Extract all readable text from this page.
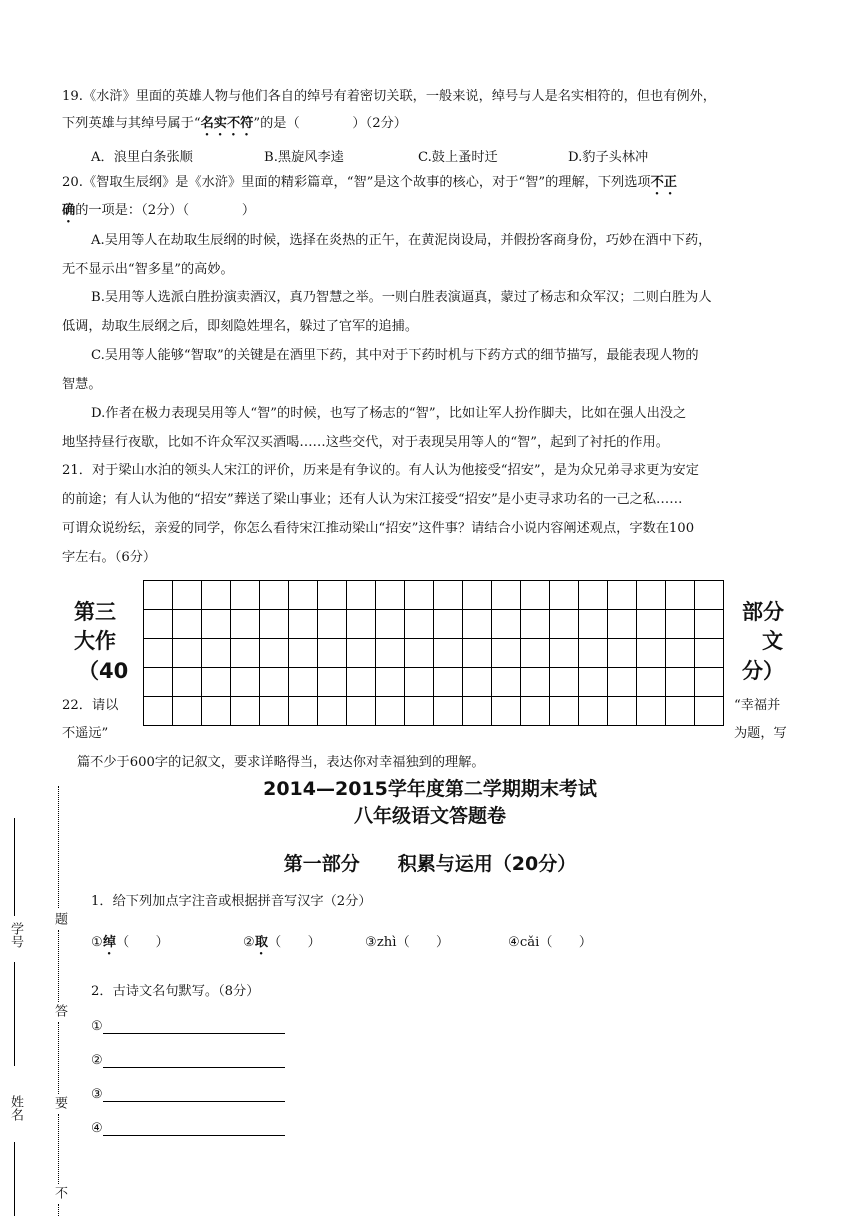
19.《水浒》里面的英雄人物与他们各自的绰号有着密切关联，一般来说，绰号与人是名实相符的，但也有例外，
下列英雄与其绰号属于“名实不符”的是（　　　　）（2分）
A．浪里白条张顺	B.黑旋风李逵	C.鼓上蚤时迁	D.豹子头林冲
20.《智取生辰纲》是《水浒》里面的精彩篇章，“智”是这个故事的核心，对于“智”的理解，下列选项不正
确的一项是：（2分）（　　　　）
A.吴用等人在劫取生辰纲的时候，选择在炎热的正午，在黄泥岗设局，并假扮客商身份，巧妙在酒中下药，
无不显示出“智多星”的高妙。
B.吴用等人选派白胜扮演卖酒汉，真乃智慧之举。一则白胜表演逼真，蒙过了杨志和众军汉；二则白胜为人
低调，劫取生辰纲之后，即刻隐姓埋名，躲过了官军的追捕。
C.吴用等人能够“智取”的关键是在酒里下药，其中对于下药时机与下药方式的细节描写，最能表现人物的
智慧。
D.作者在极力表现吴用等人“智”的时候，也写了杨志的“智”，比如让军人扮作脚夫，比如在强人出没之
地坚持昼行夜歇，比如不许众军汉买酒喝……这些交代，对于表现吴用等人的“智”，起到了衬托的作用。
21．对于梁山水泊的领头人宋江的评价，历来是有争议的。有人认为他接受“招安”，是为众兄弟寻求更为安定
的前途；有人认为他的“招安”葬送了梁山事业；还有人认为宋江接受“招安”是小吏寻求功名的一己之私……
可谓众说纷纭，亲爱的同学，你怎么看待宋江推动梁山“招安”这件事？请结合小说内容阐述观点，字数在100
字左右。（6分）

第三
大作
（40
部分
文
分）
22．请以
不遥远”
“幸福并
为题，写
篇不少于600字的记叙文，要求详略得当，表达你对幸福独到的理解。
2014—2015学年度第二学期期末考试
八年级语文答题卷
第一部分　　积累与运用（20分）
1．给下列加点字注音或根据拼音写汉字（2分）
①绰（　　）	②取（　　）	③zhì（　　）	④cǎi（　　）
2．古诗文名句默写。（8分）
①
②
③
④
学号
姓名
题
答
要
不
